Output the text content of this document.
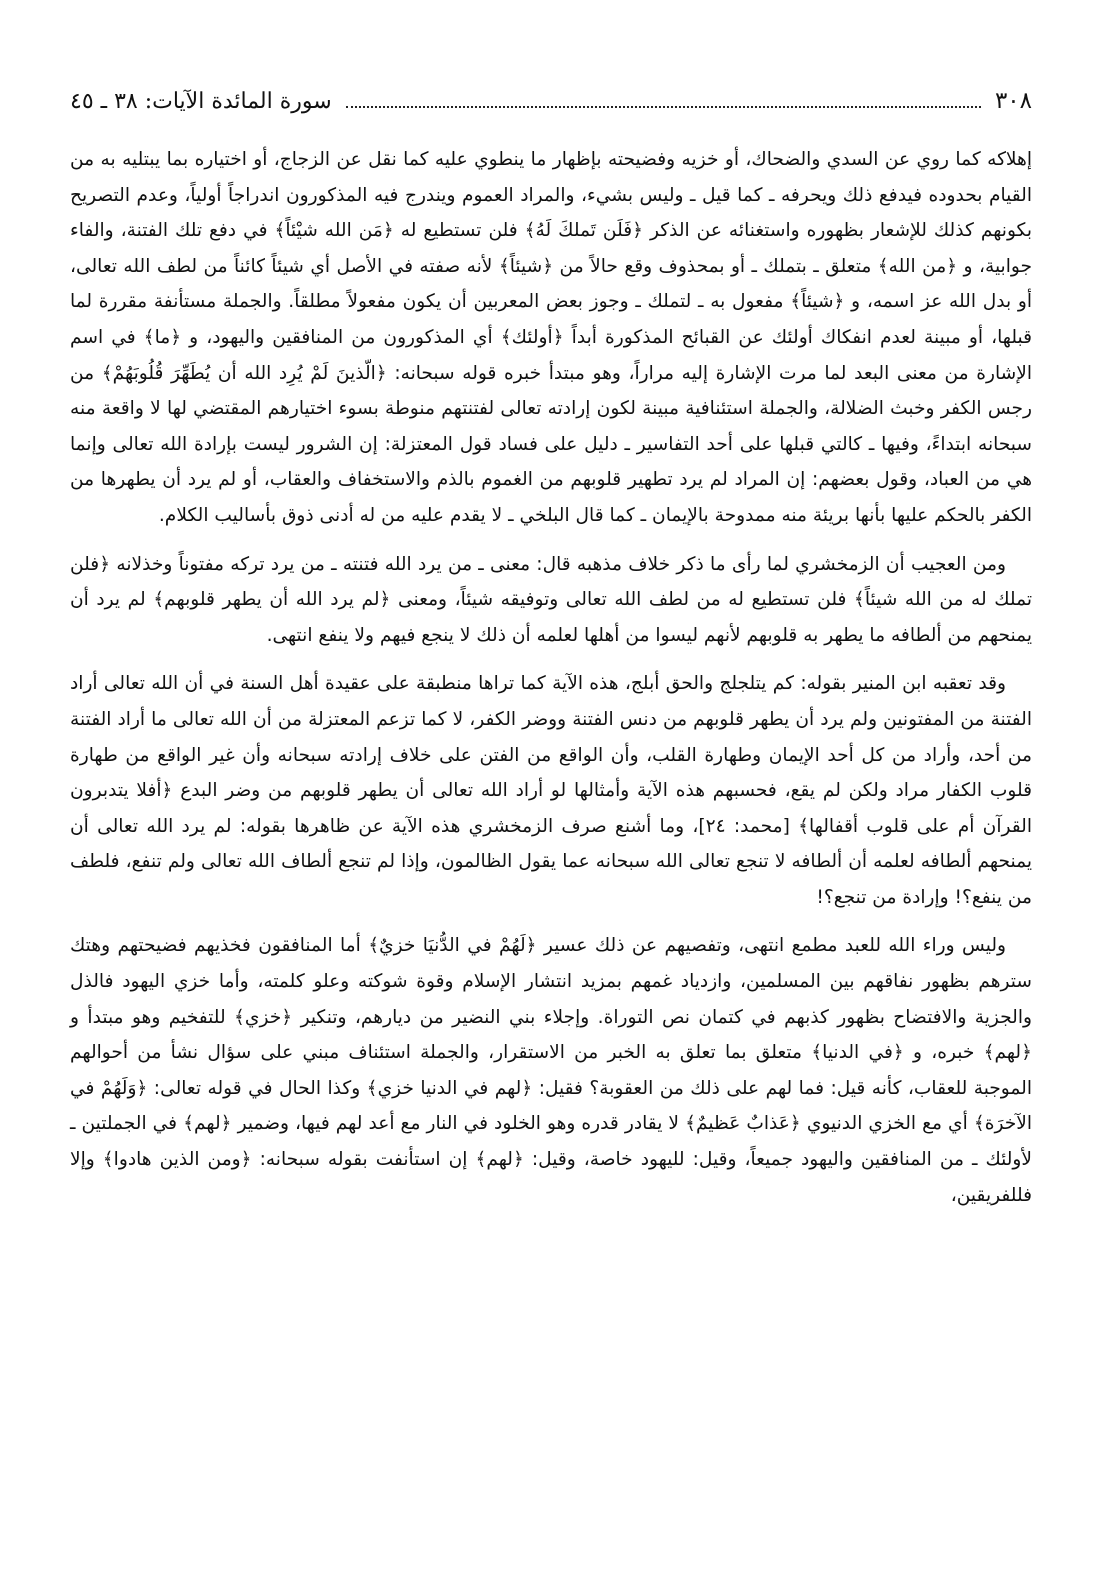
٣٠٨
سورة المائدة الآيات: ٣٨ ـ ٤٥

إهلاكه كما روي عن السدي والضحاك، أو خزيه وفضيحته بإظهار ما ينطوي عليه كما نقل عن الزجاج، أو اختياره بما يبتليه به من القيام بحدوده فيدفع ذلك ويحرفه ـ كما قيل ـ وليس بشيء، والمراد العموم ويندرج فيه المذكورون اندراجاً أولياً، وعدم التصريح بكونهم كذلك للإشعار بظهوره واستغنائه عن الذكر ﴿فَلَن تَملكَ لَهُ﴾ فلن تستطيع له ﴿مَن الله شيْئاً﴾ في دفع تلك الفتنة، والفاء جوابية، و ﴿من الله﴾ متعلق ـ بتملك ـ أو بمحذوف وقع حالاً من ﴿شيئاً﴾ لأنه صفته في الأصل أي شيئاً كائناً من لطف الله تعالى، أو بدل الله عز اسمه، و ﴿شيئاً﴾ مفعول به ـ لتملك ـ وجوز بعض المعربين أن يكون مفعولاً مطلقاً. والجملة مستأنفة مقررة لما قبلها، أو مبينة لعدم انفكاك أولئك عن القبائح المذكورة أبداً ﴿أولئك﴾ أي المذكورون من المنافقين واليهود، و ﴿ما﴾ في اسم الإشارة من معنى البعد لما مرت الإشارة إليه مراراً، وهو مبتدأ خبره قوله سبحانه: ﴿الّذينَ لَمْ يُرِد الله أن يُطَهِّرَ قُلُوبَهُمْ﴾ من رجس الكفر وخبث الضلالة، والجملة استئنافية مبينة لكون إرادته تعالى لفتنتهم منوطة بسوء اختيارهم المقتضي لها لا واقعة منه سبحانه ابتداءً، وفيها ـ كالتي قبلها على أحد التفاسير ـ دليل على فساد قول المعتزلة: إن الشرور ليست بإرادة الله تعالى وإنما هي من العباد، وقول بعضهم: إن المراد لم يرد تطهير قلوبهم من الغموم بالذم والاستخفاف والعقاب، أو لم يرد أن يطهرها من الكفر بالحكم عليها بأنها بريئة منه ممدوحة بالإيمان ـ كما قال البلخي ـ لا يقدم عليه من له أدنى ذوق بأساليب الكلام.

ومن العجيب أن الزمخشري لما رأى ما ذكر خلاف مذهبه قال: معنى ـ من يرد الله فتنته ـ من يرد تركه مفتوناً وخذلانه ﴿فلن تملك له من الله شيئاً﴾ فلن تستطيع له من لطف الله تعالى وتوفيقه شيئاً، ومعنى ﴿لم يرد الله أن يطهر قلوبهم﴾ لم يرد أن يمنحهم من ألطافه ما يطهر به قلوبهم لأنهم ليسوا من أهلها لعلمه أن ذلك لا ينجع فيهم ولا ينفع انتهى.

وقد تعقبه ابن المنير بقوله: كم يتلجلج والحق أبلج، هذه الآية كما تراها منطبقة على عقيدة أهل السنة في أن الله تعالى أراد الفتنة من المفتونين ولم يرد أن يطهر قلوبهم من دنس الفتنة ووضر الكفر، لا كما تزعم المعتزلة من أن الله تعالى ما أراد الفتنة من أحد، وأراد من كل أحد الإيمان وطهارة القلب، وأن الواقع من الفتن على خلاف إرادته سبحانه وأن غير الواقع من طهارة قلوب الكفار مراد ولكن لم يقع، فحسبهم هذه الآية وأمثالها لو أراد الله تعالى أن يطهر قلوبهم من وضر البدع ﴿أفلا يتدبرون القرآن أم على قلوب أقفالها﴾ [محمد: ٢٤]، وما أشنع صرف الزمخشري هذه الآية عن ظاهرها بقوله: لم يرد الله تعالى أن يمنحهم ألطافه لعلمه أن ألطافه لا تنجع تعالى الله سبحانه عما يقول الظالمون، وإذا لم تنجع ألطاف الله تعالى ولم تنفع، فلطف من ينفع؟! وإرادة من تنجع؟!

وليس وراء الله للعبد مطمع انتهى، وتفصيهم عن ذلك عسير ﴿لَهُمْ في الدُّنيَا خزيٌ﴾ أما المنافقون فخذيهم فضيحتهم وهتك سترهم بظهور نفاقهم بين المسلمين، وازدياد غمهم بمزيد انتشار الإسلام وقوة شوكته وعلو كلمته، وأما خزي اليهود فالذل والجزية والافتضاح بظهور كذبهم في كتمان نص التوراة. وإجلاء بني النضير من ديارهم، وتنكير ﴿خزي﴾ للتفخيم وهو مبتدأ و ﴿لهم﴾ خبره، و ﴿في الدنيا﴾ متعلق بما تعلق به الخبر من الاستقرار، والجملة استئناف مبني على سؤال نشأ من أحوالهم الموجبة للعقاب، كأنه قيل: فما لهم على ذلك من العقوبة؟ فقيل: ﴿لهم في الدنيا خزي﴾ وكذا الحال في قوله تعالى: ﴿وَلَهُمْ في الآخرَة﴾ أي مع الخزي الدنيوي ﴿عَذابٌ عَظيمٌ﴾ لا يقادر قدره وهو الخلود في النار مع أعد لهم فيها، وضمير ﴿لهم﴾ في الجملتين ـ لأولئك ـ من المنافقين واليهود جميعاً، وقيل: لليهود خاصة، وقيل: ﴿لهم﴾ إن استأنفت بقوله سبحانه: ﴿ومن الذين هادوا﴾ وإلا فللفريقين،
